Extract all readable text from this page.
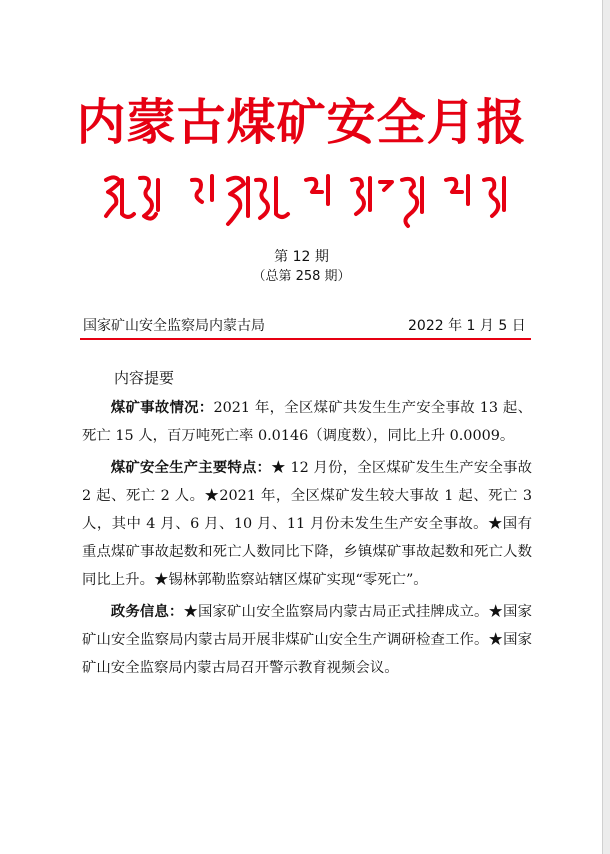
内蒙古煤矿安全月报
第 12 期
（总第 258 期）
国家矿山安全监察局内蒙古局	2022 年 1 月 5 日
内容提要

煤矿事故情况：2021 年，全区煤矿共发生生产安全事故 13 起、死亡 15 人，百万吨死亡率 0.0146（调度数），同比上升 0.0009。

煤矿安全生产主要特点：★ 12 月份，全区煤矿发生生产安全事故 2 起、死亡 2 人。★2021 年，全区煤矿发生较大事故 1 起、死亡 3 人，其中 4 月、6 月、10 月、11 月份未发生生产安全事故。★国有重点煤矿事故起数和死亡人数同比下降，乡镇煤矿事故起数和死亡人数同比上升。★锡林郭勒监察站辖区煤矿实现“零死亡”。

政务信息：★国家矿山安全监察局内蒙古局正式挂牌成立。★国家矿山安全监察局内蒙古局开展非煤矿山安全生产调研检查工作。★国家矿山安全监察局内蒙古局召开警示教育视频会议。
